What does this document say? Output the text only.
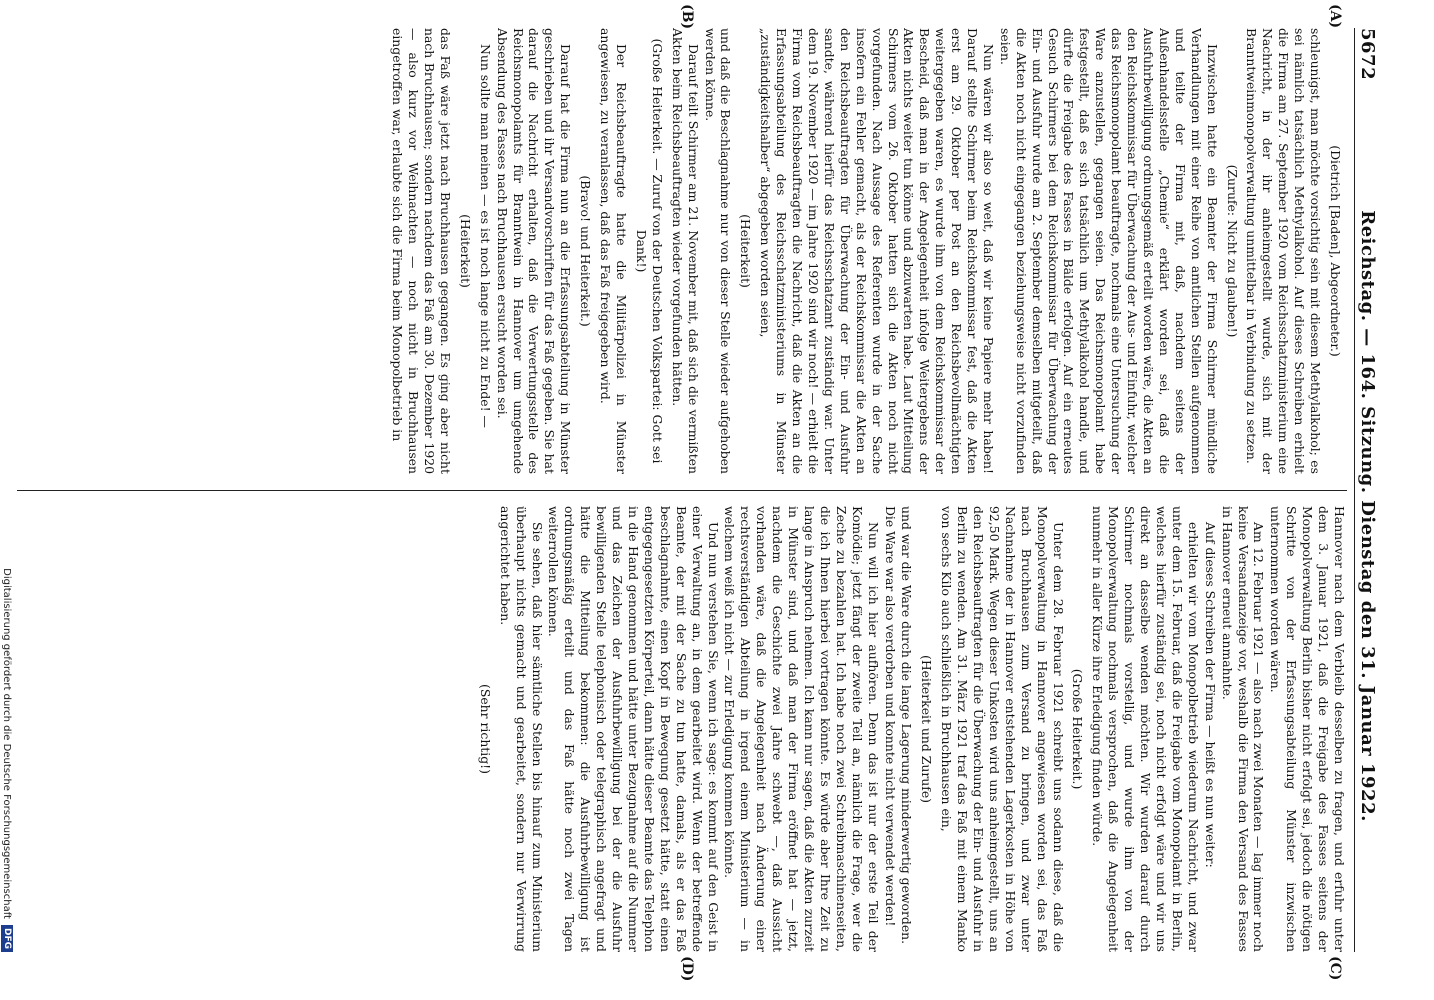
5672
Reichstag. — 164. Sitzung. Dienstag den 31. Januar 1922.
(A)
(B)
(C)
(D)

(Dietrich [Baden], Abgeordneter.)

schleunigst, man möchte vorsichtig sein mit diesem Methylalkohol; es sei nämlich tatsächlich Methylalkohol. Auf dieses Schreiben erhielt die Firma am 27. September 1920 vom Reichsschatzministerium eine Nachricht, in der ihr anheimgestellt wurde, sich mit der Branntweinmonopolverwaltung unmittelbar in Verbindung zu setzen.

(Zurufe: Nicht zu glauben!)

Inzwischen hatte ein Beamter der Firma Schirmer mündliche Verhandlungen mit einer Reihe von amtlichen Stellen aufgenommen und teilte der Firma mit, daß, nachdem seitens der Außenhandelsstelle „Chemie“ erklärt worden sei, daß die Ausfuhrbewilligung ordnungsgemäß erteilt worden wäre, die Akten an den Reichskommissar für Überwachung der Aus- und Einfuhr, welcher das Reichsmonopolamt beauftragte, nochmals eine Untersuchung der Ware anzustellen, gegangen seien. Das Reichsmonopolamt habe festgestellt, daß es sich tatsächlich um Methylalkohol handle, und dürfte die Freigabe des Fasses in Bälde erfolgen. Auf ein erneutes Gesuch Schirmers bei dem Reichskommissar für Überwachung der Ein- und Ausfuhr wurde am 2. September demselben mitgeteilt, daß die Akten noch nicht eingegangen beziehungsweise nicht vorzufinden seien.

Nun wären wir also so weit, daß wir keine Papiere mehr haben! Darauf stellte Schirmer beim Reichskommissar fest, daß die Akten erst am 29. Oktober per Post an den Reichsbevollmächtigten weitergegeben waren, es wurde ihm von dem Reichskommissar der Bescheid, daß man in der Angelegenheit infolge Weitergebens der Akten nichts weiter tun könne und abzuwarten habe. Laut Mitteilung Schirmers vom 26. Oktober hatten sich die Akten noch nicht vorgefunden. Nach Aussage des Referenten wurde in der Sache insofern ein Fehler gemacht, als der Reichskommissar die Akten an den Reichsbeauftragten für Überwachung der Ein- und Ausfuhr sandte, während hierfür das Reichsschatzamt zuständig war. Unter dem 19. November 1920 — im Jahre 1920 sind wir noch! — erhielt die Firma vom Reichsbeauftragten die Nachricht, daß die Akten an die Erfassungsabteilung des Reichsschatzministeriums in Münster „zuständigkeitshalber“ abgegeben worden seien,

(Heiterkeit)

und daß die Beschlagnahme nur von dieser Stelle wieder aufgehoben werden könne.

Darauf teilt Schirmer am 21. November mit, daß sich die vermißten Akten beim Reichsbeauftragten wieder vorgefunden hätten.

(Große Heiterkeit. — Zuruf von der Deutschen Volkspartei: Gott sei Dank!)

Der Reichsbeauftragte hatte die Militärpolizei in Münster angewiesen, zu veranlassen, daß das Faß freigegeben wird.

(Bravo! und Heiterkeit.)

Darauf hat die Firma nun an die Erfassungsabteilung in Münster geschrieben und ihr Versandvorschriften für das Faß gegeben. Sie hat darauf die Nachricht erhalten, daß die Verwertungsstelle des Reichsmonopolamts für Branntwein in Hannover um umgehende Absendung des Fasses nach Bruchhausen ersucht worden sei.

Nun sollte man meinen — es ist noch lange nicht zu Ende! —

(Heiterkeit)

das Faß wäre jetzt nach Bruchhausen gegangen. Es ging aber nicht nach Bruchhausen; sondern nachdem das Faß am 30. Dezember 1920 — also kurz vor Weihnachten — noch nicht in Bruchhausen eingetroffen war, erlaubte sich die Firma beim Monopolbetrieb in

Hannover nach dem Verbleib desselben zu fragen, und erfuhr unter dem 3. Januar 1921, daß die Freigabe des Fasses seitens der Monopolverwaltung Berlin bisher nicht erfolgt sei, jedoch die nötigen Schritte von der Erfassungsabteilung Münster inzwischen unternommen worden wären.

Am 12. Februar 1921 — also nach zwei Monaten — lag immer noch keine Versandanzeige vor, weshalb die Firma den Versand des Fasses in Hannover erneut anmahnte.

Auf dieses Schreiben der Firma — heißt es nun weiter:

erhielten wir vom Monopolbetrieb wiederum Nachricht, und zwar unter dem 15. Februar, daß die Freigabe vom Monopolamt in Berlin, welches hierfür zuständig sei, noch nicht erfolgt wäre und wir uns direkt an dasselbe wenden möchten. Wir wurden darauf durch Schirmer nochmals vorstellig, und wurde ihm von der Monopolverwaltung nochmals versprochen, daß die Angelegenheit nunmehr in aller Kürze ihre Erledigung finden würde.

(Große Heiterkeit.)

Unter dem 28. Februar 1921 schreibt uns sodann diese, daß die Monopolverwaltung in Hannover angewiesen worden sei, das Faß nach Bruchhausen zum Versand zu bringen, und zwar unter Nachnahme der in Hannover entstehenden Lagerkosten in Höhe von 92,50 Mark. Wegen dieser Unkosten wird uns anheimgestellt, uns an den Reichsbeauftragten für die Überwachung der Ein- und Ausfuhr in Berlin zu wenden. Am 31. März 1921 traf das Faß mit einem Manko von sechs Kilo auch schließlich in Bruchhausen ein,

(Heiterkeit und Zurufe)

und war die Ware durch die lange Lagerung minderwertig geworden.

Die Ware war also verdorben und konnte nicht verwendet werden!

Nun will ich hier aufhören. Denn das ist nur der erste Teil der Komödie; jetzt fängt der zweite Teil an, nämlich die Frage, wer die Zeche zu bezahlen hat. Ich habe noch zwei Schreibmaschinenseiten, die ich Ihnen hierbei vortragen könnte. Es würde aber Ihre Zeit zu lange in Anspruch nehmen. Ich kann nur sagen, daß die Akten zurzeit in Münster sind, und daß man der Firma eröffnet hat — jetzt, nachdem die Geschichte zwei Jahre schwebt —, daß Aussicht vorhanden wäre, daß die Angelegenheit nach Änderung einer rechtsverständigen Abteilung in irgend einem Ministerium — in welchem weiß ich nicht — zur Erledigung kommen könnte.

Und nun verstehen Sie, wenn ich sage: es kommt auf den Geist in einer Verwaltung an, in dem gearbeitet wird. Wenn der betreffende Beamte, der mit der Sache zu tun hatte, damals, als er das Faß beschlagnahmte, einen Kopf in Bewegung gesetzt hätte, statt einen entgegengesetzten Körperteil, dann hätte dieser Beamte das Telephon in die Hand genommen und hätte unter Bezugnahme auf die Nummer und das Zeichen der Ausfuhrbewilligung bei der die Ausfuhr bewilligenden Stelle telephonisch oder telegraphisch angefragt und hätte die Mitteilung bekommen: die Ausfuhrbewilligung ist ordnungsmäßig erteilt und das Faß hätte noch zwei Tagen weiterrollen können.

Sie sehen, daß hier sämtliche Stellen bis hinauf zum Ministerium überhaupt nichts gemacht und gearbeitet, sondern nur Verwirrung angerichtet haben.

(Sehr richtig!)

Digitalisierung gefördert durch die Deutsche Forschungsgemeinschaft
DFG
